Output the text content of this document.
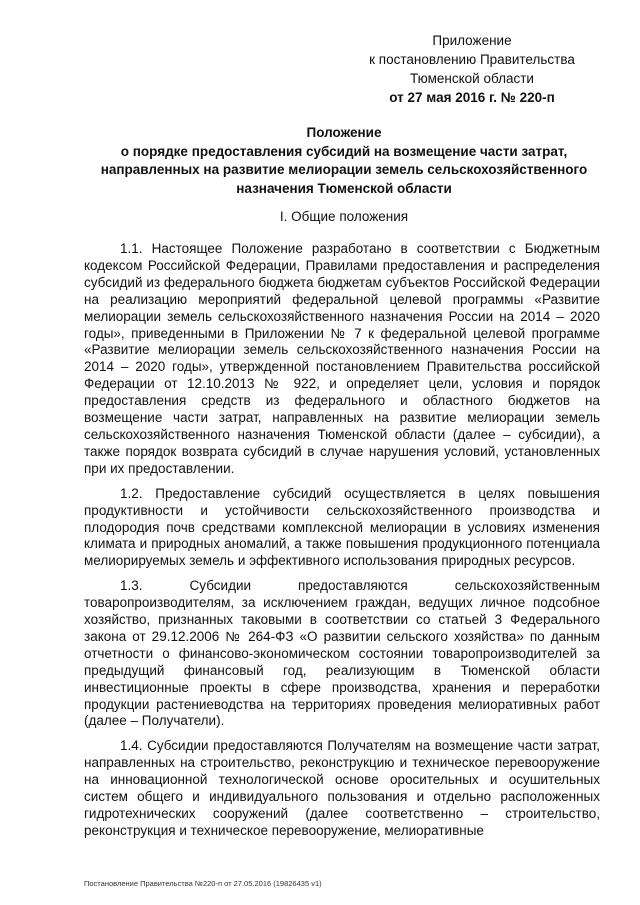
Приложение
к постановлению Правительства
Тюменской области
от 27 мая 2016 г. № 220-п
Положение
о порядке предоставления субсидий на возмещение части затрат,
направленных на развитие мелиорации земель сельскохозяйственного
назначения Тюменской области
I. Общие положения

1.1. Настоящее Положение разработано в соответствии с Бюджетным кодексом Российской Федерации, Правилами предоставления и распределения субсидий из федерального бюджета бюджетам субъектов Российской Федерации на реализацию мероприятий федеральной целевой программы «Развитие мелиорации земель сельскохозяйственного назначения России на 2014 – 2020 годы», приведенными в Приложении № 7 к федеральной целевой программе «Развитие мелиорации земель сельскохозяйственного назначения России на 2014 – 2020 годы», утвержденной постановлением Правительства российской Федерации от 12.10.2013 № 922, и определяет цели, условия и порядок предоставления средств из федерального и областного бюджетов на возмещение части затрат, направленных на развитие мелиорации земель сельскохозяйственного назначения Тюменской области (далее – субсидии), а также порядок возврата субсидий в случае нарушения условий, установленных при их предоставлении.

1.2. Предоставление субсидий осуществляется в целях повышения продуктивности и устойчивости сельскохозяйственного производства и плодородия почв средствами комплексной мелиорации в условиях изменения климата и природных аномалий, а также повышения продукционного потенциала мелиорируемых земель и эффективного использования природных ресурсов.

1.3. Субсидии предоставляются сельскохозяйственным товаропроизводителям, за исключением граждан, ведущих личное подсобное хозяйство, признанных таковыми в соответствии со статьей 3 Федерального закона от 29.12.2006 № 264-ФЗ «О развитии сельского хозяйства» по данным отчетности о финансово-экономическом состоянии товаропроизводителей за предыдущий финансовый год, реализующим в Тюменской области инвестиционные проекты в сфере производства, хранения и переработки продукции растениеводства на территориях проведения мелиоративных работ (далее – Получатели).

1.4. Субсидии предоставляются Получателям на возмещение части затрат, направленных на строительство, реконструкцию и техническое перевооружение на инновационной технологической основе оросительных и осушительных систем общего и индивидуального пользования и отдельно расположенных гидротехнических сооружений (далее соответственно – строительство, реконструкция и техническое перевооружение, мелиоративные

Постановление Правительства №220-п от 27.05.2016 (19826435 v1)
